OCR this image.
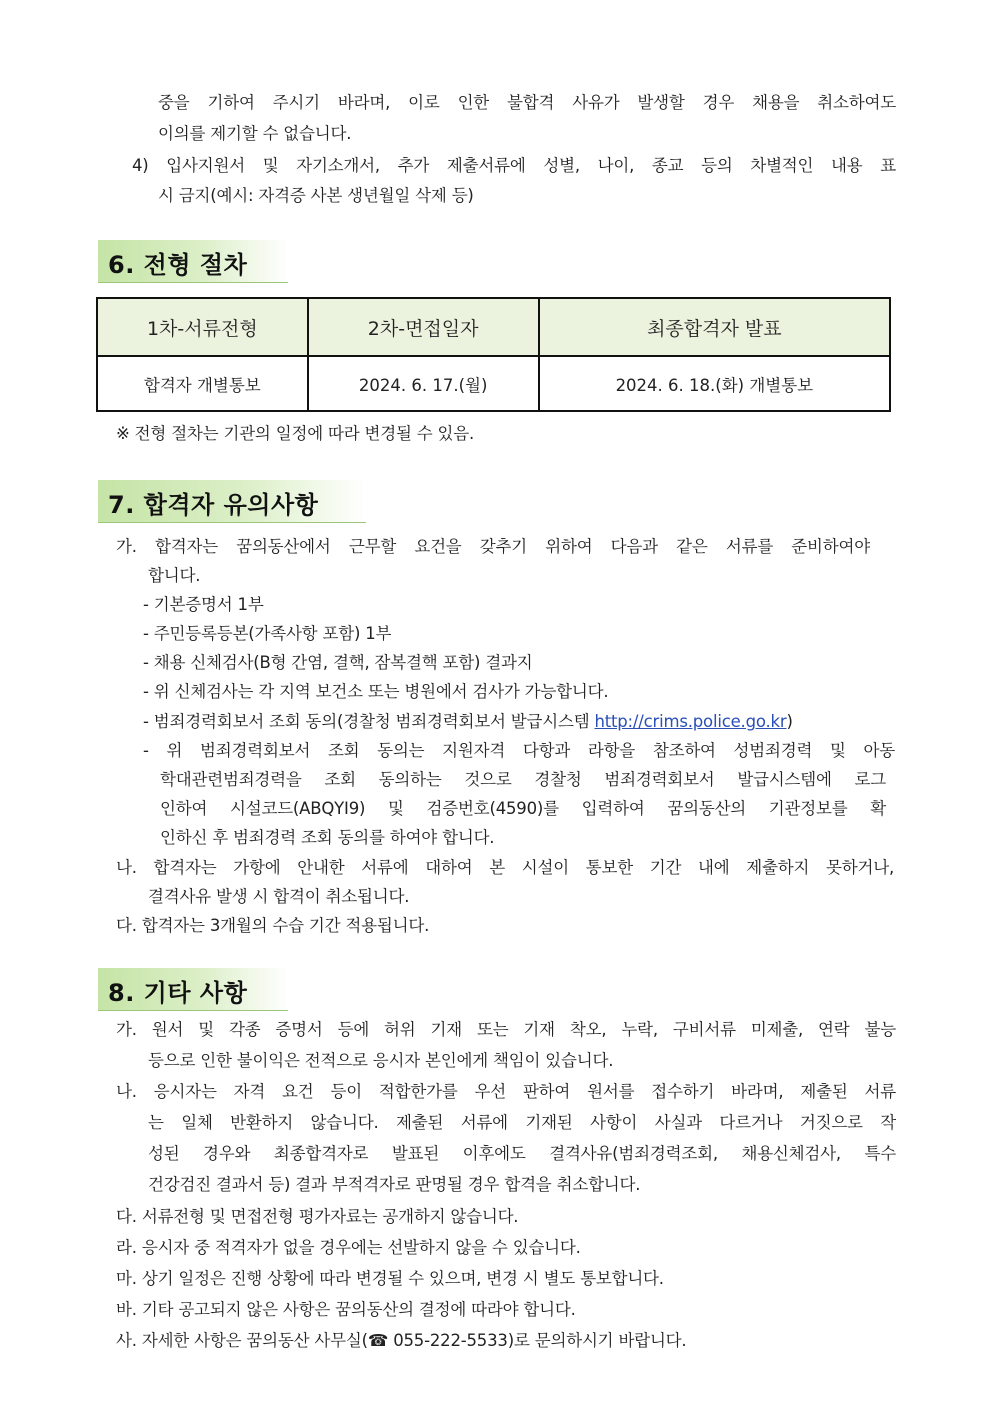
중을 기하여 주시기 바라며, 이로 인한 불합격 사유가 발생할 경우 채용을 취소하여도
이의를 제기할 수 없습니다.
4) 입사지원서 및 자기소개서, 추가 제출서류에 성별, 나이, 종교 등의 차별적인 내용 표
시 금지(예시: 자격증 사본 생년월일 삭제 등)
6. 전형 절차
1차-서류전형	2차-면접일자	최종합격자 발표
합격자 개별통보	2024. 6. 17.(월)	2024. 6. 18.(화) 개별통보
※ 전형 절차는 기관의 일정에 따라 변경될 수 있음.
7. 합격자 유의사항
가. 합격자는 꿈의동산에서 근무할 요건을 갖추기 위하여 다음과 같은 서류를 준비하여야
합니다.
- 기본증명서 1부
- 주민등록등본(가족사항 포함) 1부
- 채용 신체검사(B형 간염, 결핵, 잠복결핵 포함) 결과지
- 위 신체검사는 각 지역 보건소 또는 병원에서 검사가 가능합니다.
- 범죄경력회보서 조회 동의(경찰청 범죄경력회보서 발급시스템 http://crims.police.go.kr)
- 위 범죄경력회보서 조회 동의는 지원자격 다항과 라항을 참조하여 성범죄경력 및 아동
학대관련범죄경력을 조회 동의하는 것으로 경찰청 범죄경력회보서 발급시스템에 로그
인하여 시설코드(ABQYI9) 및 검증번호(4590)를 입력하여 꿈의동산의 기관정보를 확
인하신 후 범죄경력 조회 동의를 하여야 합니다.
나. 합격자는 가항에 안내한 서류에 대하여 본 시설이 통보한 기간 내에 제출하지 못하거나,
결격사유 발생 시 합격이 취소됩니다.
다. 합격자는 3개월의 수습 기간 적용됩니다.
8. 기타 사항
가. 원서 및 각종 증명서 등에 허위 기재 또는 기재 착오, 누락, 구비서류 미제출, 연락 불능
등으로 인한 불이익은 전적으로 응시자 본인에게 책임이 있습니다.
나. 응시자는 자격 요건 등이 적합한가를 우선 판하여 원서를 접수하기 바라며, 제출된 서류
는 일체 반환하지 않습니다. 제출된 서류에 기재된 사항이 사실과 다르거나 거짓으로 작
성된 경우와 최종합격자로 발표된 이후에도 결격사유(범죄경력조회, 채용신체검사, 특수
건강검진 결과서 등) 결과 부적격자로 판명될 경우 합격을 취소합니다.
다. 서류전형 및 면접전형 평가자료는 공개하지 않습니다.
라. 응시자 중 적격자가 없을 경우에는 선발하지 않을 수 있습니다.
마. 상기 일정은 진행 상황에 따라 변경될 수 있으며, 변경 시 별도 통보합니다.
바. 기타 공고되지 않은 사항은 꿈의동산의 결정에 따라야 합니다.
사. 자세한 사항은 꿈의동산 사무실(☎ 055-222-5533)로 문의하시기 바랍니다.
